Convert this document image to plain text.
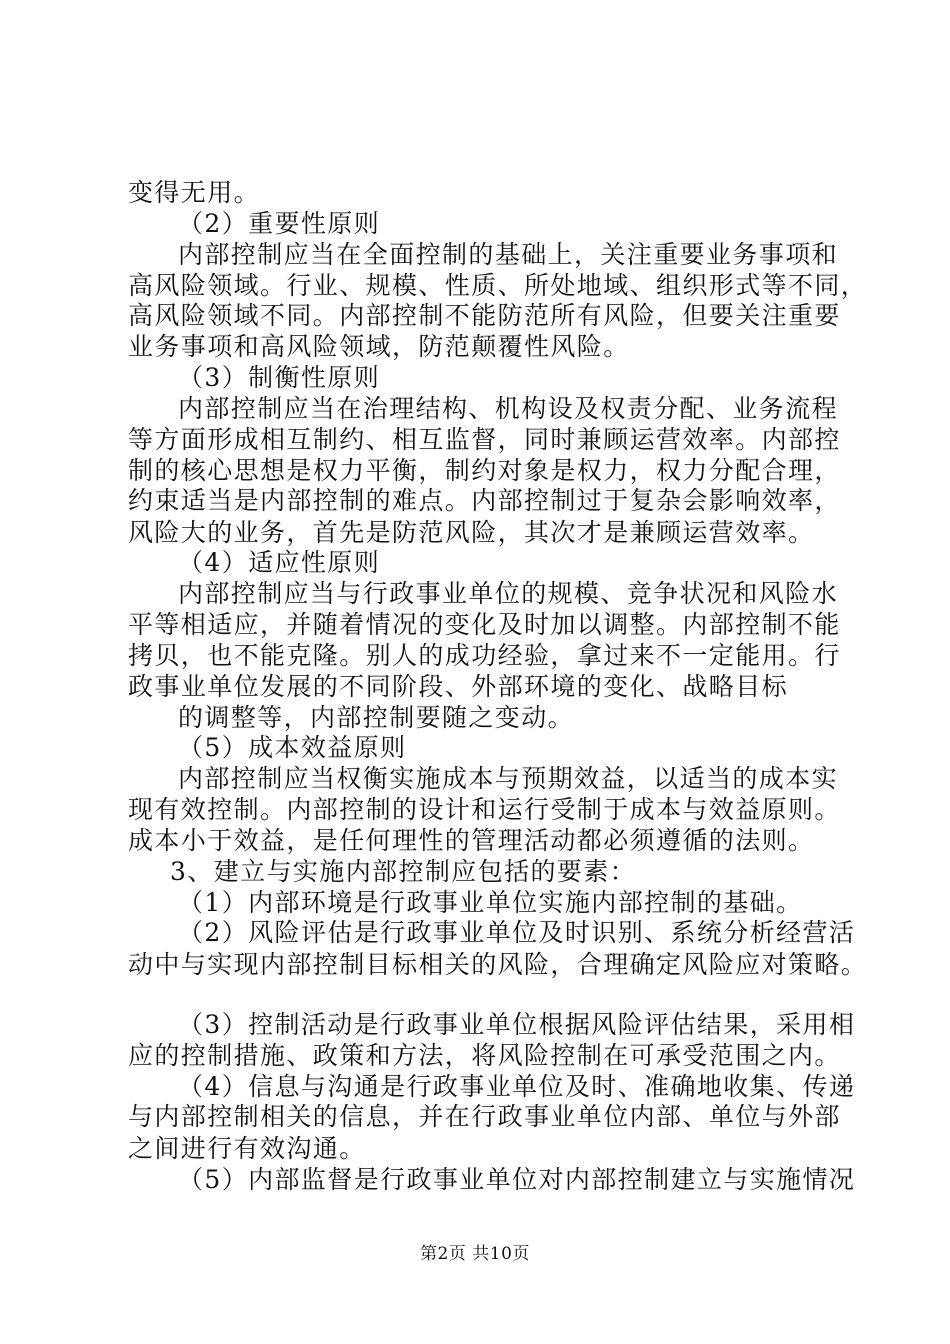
变得无用。
（2）重要性原则
内部控制应当在全面控制的基础上，关注重要业务事项和
高风险领域。行业、规模、性质、所处地域、组织形式等不同，
高风险领域不同。内部控制不能防范所有风险，但要关注重要
业务事项和高风险领域，防范颠覆性风险。
（3）制衡性原则
内部控制应当在治理结构、机构设及权责分配、业务流程
等方面形成相互制约、相互监督，同时兼顾运营效率。内部控
制的核心思想是权力平衡，制约对象是权力，权力分配合理，
约束适当是内部控制的难点。内部控制过于复杂会影响效率，
风险大的业务，首先是防范风险，其次才是兼顾运营效率。
（4）适应性原则
内部控制应当与行政事业单位的规模、竞争状况和风险水
平等相适应，并随着情况的变化及时加以调整。内部控制不能
拷贝，也不能克隆。别人的成功经验，拿过来不一定能用。行
政事业单位发展的不同阶段、外部环境的变化、战略目标
的调整等，内部控制要随之变动。
（5）成本效益原则
内部控制应当权衡实施成本与预期效益，以适当的成本实
现有效控制。内部控制的设计和运行受制于成本与效益原则。
成本小于效益，是任何理性的管理活动都必须遵循的法则。
3、建立与实施内部控制应包括的要素：
（1）内部环境是行政事业单位实施内部控制的基础。
（2）风险评估是行政事业单位及时识别、系统分析经营活
动中与实现内部控制目标相关的风险，合理确定风险应对策略。
（3）控制活动是行政事业单位根据风险评估结果，采用相
应的控制措施、政策和方法，将风险控制在可承受范围之内。
（4）信息与沟通是行政事业单位及时、准确地收集、传递
与内部控制相关的信息，并在行政事业单位内部、单位与外部
之间进行有效沟通。
（5）内部监督是行政事业单位对内部控制建立与实施情况
第2页 共10页
